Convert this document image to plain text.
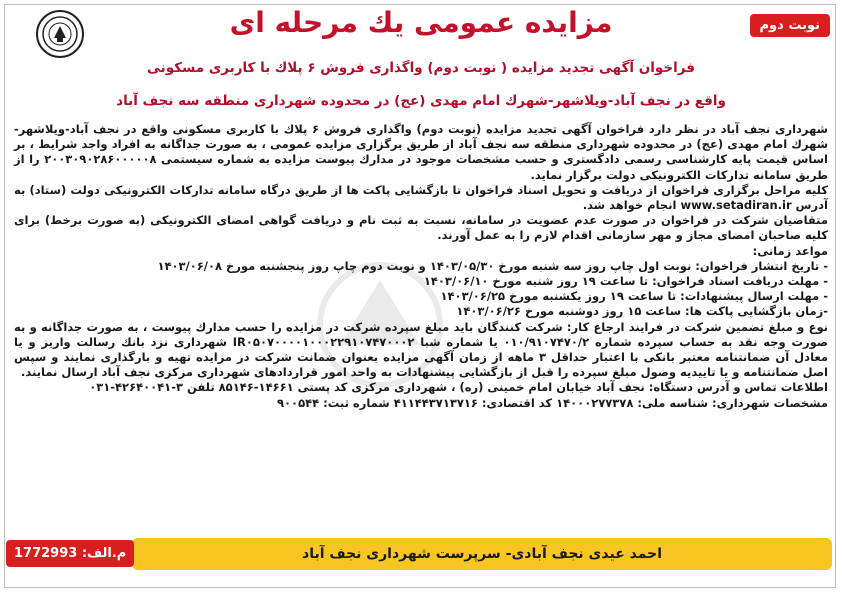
نوبت دوم
مزایده عمومی یك مرحله ای
فراخوان آگهی تجدید مزایده ( نوبت دوم) واگذاری فروش ۶ پلاك با کاربری مسکونی
واقع در نجف آباد-ویلاشهر-شهرك امام مهدی (عج) در محدوده شهرداری منطقه سه نجف آباد

شهرداری نجف آباد در نظر دارد فراخوان آگهی تجدید مزایده (نوبت دوم) واگذاری فروش ۶ پلاك با کاربری مسکونی واقع در نجف آباد-ویلاشهر-شهرك امام مهدی (عج) در محدوده شهرداری منطقه سه نجف آباد از طریق برگزاری مزایده عمومی ، به صورت جداگانه به افراد واجد شرایط ، بر اساس قیمت پایه کارشناسی رسمی دادگستری و حسب مشخصات موجود در مدارك پیوست مزایده به شماره سیستمی ۲۰۰۳۰۹۰۲۸۶۰۰۰۰۰۸ را از طریق سامانه تدارکات الکترونیکی دولت برگزار نماید.

کلیه مراحل برگزاری فراخوان از دریافت و تحویل اسناد فراخوان تا بازگشایی پاکت ها از طریق درگاه سامانه تدارکات الکترونیکی دولت (ستاد) به آدرس www.setadiran.ir انجام خواهد شد.

متقاضیان شرکت در فراخوان در صورت عدم عضویت در سامانه، نسبت به ثبت نام و دریافت گواهی امضای الکترونیکی (به صورت برخط) برای کلیه صاحبان امضای مجاز و مهر سازمانی اقدام لازم را به عمل آورند.

مواعد زمانی:

- تاریخ انتشار فراخوان: نوبت اول چاپ روز سه شنبه مورخ ۱۴۰۳/۰۵/۳۰ و نوبت دوم چاپ روز پنجشنبه مورخ ۱۴۰۳/۰۶/۰۸
- مهلت دریافت اسناد فراخوان: تا ساعت ۱۹ روز شنبه مورخ ۱۴۰۳/۰۶/۱۰
- مهلت ارسال پیشنهادات: تا ساعت ۱۹ روز یکشنبه مورخ ۱۴۰۳/۰۶/۲۵
-زمان بازگشایی پاکت ها: ساعت ۱۵ روز دوشنبه مورخ ۱۴۰۳/۰۶/۲۶

نوع و مبلغ تضمین شرکت در فرایند ارجاع کار: شرکت کنندگان باید مبلغ سپرده شرکت در مزایده را حسب مدارك پیوست ، به صورت جداگانه و به صورت وجه نقد به حساب سپرده شماره ۰۱۰/۹۱۰۷۴۷۰/۲ یا شماره شبا IR۰۵۰۷۰۰۰۰۱۰۰۰۲۲۹۱۰۷۴۷۰۰۰۲ شهرداری نزد بانك رسالت واریز و یا معادل آن ضمانتنامه معتبر بانکی با اعتبار حداقل ۳ ماهه از زمان آگهی مزایده بعنوان ضمانت شرکت در مزایده تهیه و بارگذاری نمایند و سپس اصل ضمانتنامه و یا تاییدیه وصول مبلغ سپرده را قبل از بازگشایی پیشنهادات به واحد امور قراردادهای شهرداری مرکزی نجف آباد ارسال نمایند.

اطلاعات تماس و آدرس دستگاه: نجف آباد خیابان امام خمینی (ره) ، شهرداری مرکزی کد پستی ۱۴۶۶۱-۸۵۱۴۶ تلفن ۳-۴۲۶۴۰۰۴۱-۰۳۱

مشخصات شهرداری: شناسه ملی: ۱۴۰۰۰۲۷۷۳۷۸ کد اقتصادی: ۴۱۱۴۴۳۷۱۳۷۱۶ شماره ثبت: ۹۰۰۵۴۴

احمد عیدی نجف آبادی- سرپرست شهرداری نجف آباد
م.الف: 1772993
